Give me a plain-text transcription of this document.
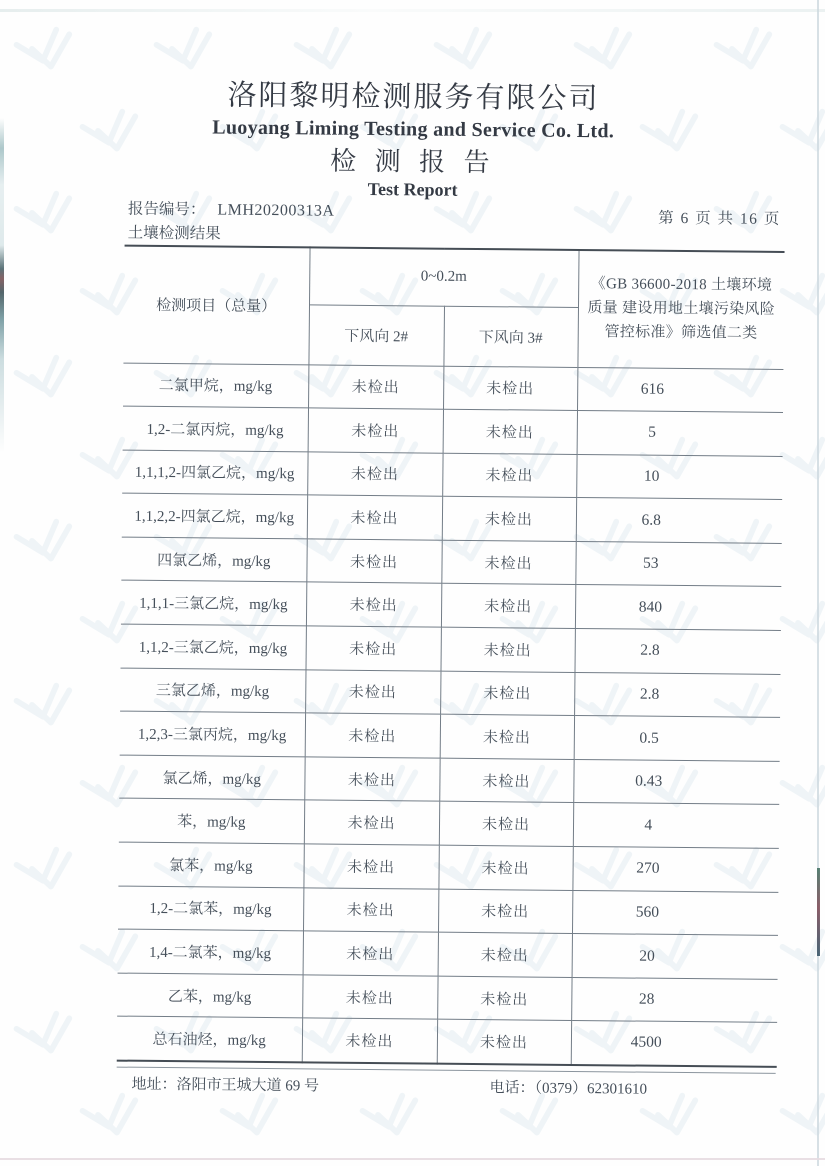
洛阳黎明检测服务有限公司
Luoyang Liming Testing and Service Co. Ltd.
检 测 报 告
Test Report
报告编号： LMH20200313A	第 6 页 共 16 页
土壤检测结果
检测项目（总量）	0~0.2m		《GB 36600-2018 土壤环境质量 建设用地土壤污染风险管控标准》筛选值二类
	下风向 2#	下风向 3#	
二氯甲烷，mg/kg	未检出	未检出	616
1,2-二氯丙烷，mg/kg	未检出	未检出	5
1,1,1,2-四氯乙烷，mg/kg	未检出	未检出	10
1,1,2,2-四氯乙烷，mg/kg	未检出	未检出	6.8
四氯乙烯，mg/kg	未检出	未检出	53
1,1,1-三氯乙烷，mg/kg	未检出	未检出	840
1,1,2-三氯乙烷，mg/kg	未检出	未检出	2.8
三氯乙烯，mg/kg	未检出	未检出	2.8
1,2,3-三氯丙烷，mg/kg	未检出	未检出	0.5
氯乙烯，mg/kg	未检出	未检出	0.43
苯，mg/kg	未检出	未检出	4
氯苯，mg/kg	未检出	未检出	270
1,2-二氯苯，mg/kg	未检出	未检出	560
1,4-二氯苯，mg/kg	未检出	未检出	20
乙苯，mg/kg	未检出	未检出	28
总石油烃，mg/kg	未检出	未检出	4500
地址：洛阳市王城大道 69 号	电话：（0379）62301610
